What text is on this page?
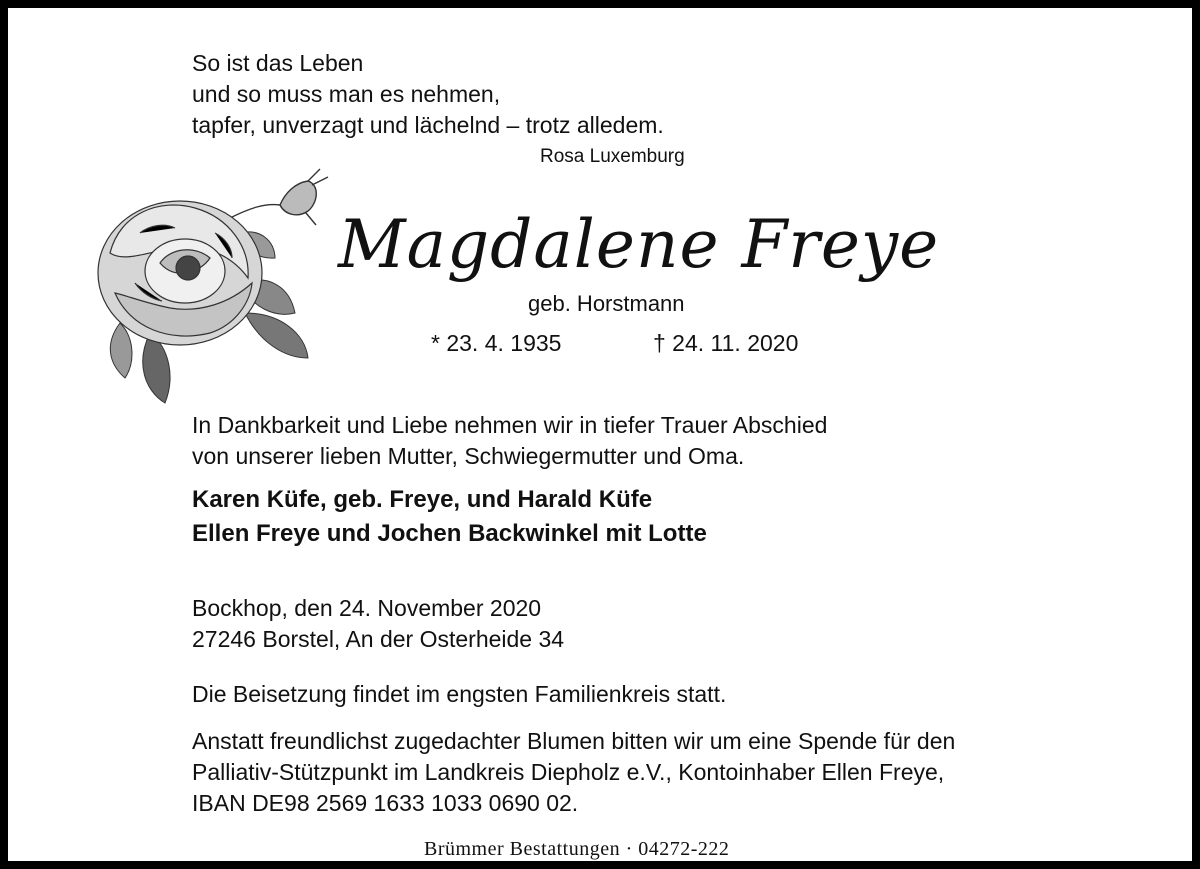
So ist das Leben
und so muss man es nehmen,
tapfer, unverzagt und lächelnd – trotz alledem.
Rosa Luxemburg
Magdalene Freye
geb. Horstmann
* 23. 4. 1935	† 24. 11. 2020
In Dankbarkeit und Liebe nehmen wir in tiefer Trauer Abschied
von unserer lieben Mutter, Schwiegermutter und Oma.
Karen Küfe, geb. Freye, und Harald Küfe
Ellen Freye und Jochen Backwinkel mit Lotte
Bockhop, den 24. November 2020
27246 Borstel, An der Osterheide 34
Die Beisetzung findet im engsten Familienkreis statt.
Anstatt freundlichst zugedachter Blumen bitten wir um eine Spende für den
Palliativ-Stützpunkt im Landkreis Diepholz e.V., Kontoinhaber Ellen Freye,
IBAN DE98 2569 1633 1033 0690 02.
Brümmer Bestattungen · 04272-222
